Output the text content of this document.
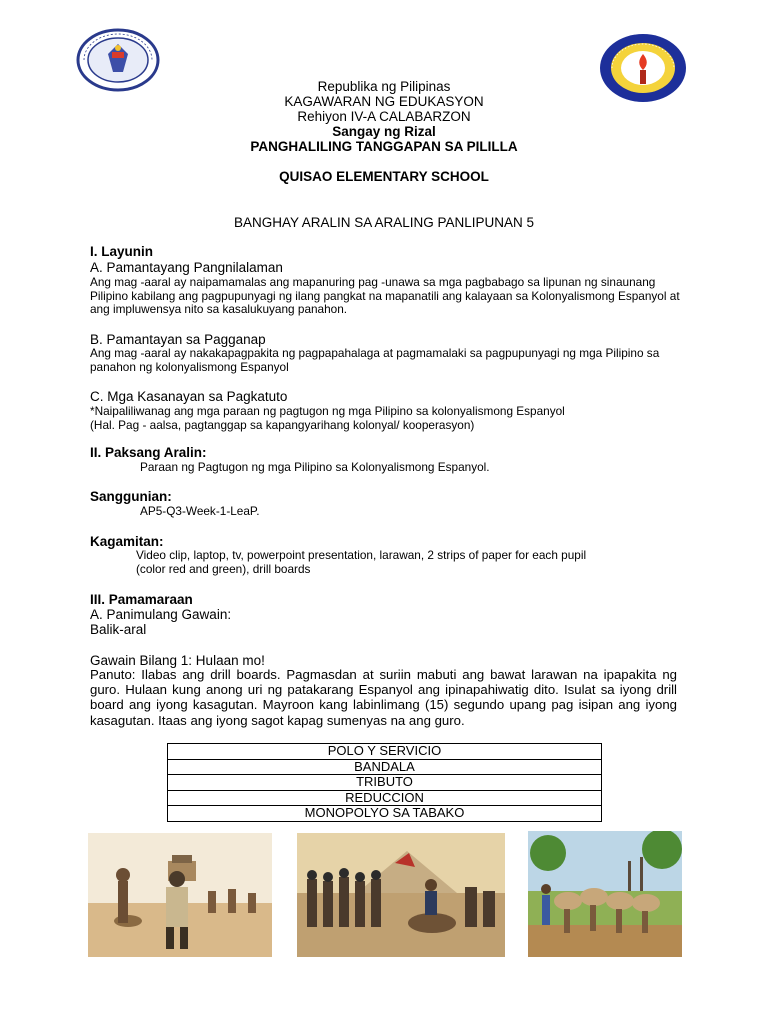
Republika ng Pilipinas
KAGAWARAN NG EDUKASYON
Rehiyon IV-A CALABARZON
Sangay ng Rizal
PANGHALILING TANGGAPAN SA PILILLA
QUISAO ELEMENTARY SCHOOL
BANGHAY ARALIN SA ARALING PANLIPUNAN 5
I. Layunin
A. Pamantayang Pangnilalaman
Ang mag -aaral ay naipamamalas ang mapanuring pag -unawa sa mga pagbabago sa lipunan ng sinaunang Pilipino kabilang ang pagpupunyagi ng ilang pangkat na mapanatili ang kalayaan sa Kolonyalismong Espanyol at ang impluwensya nito sa kasalukuyang panahon.
B. Pamantayan sa Pagganap
Ang mag -aaral ay nakakapagpakita ng pagpapahalaga at pagmamalaki sa pagpupunyagi ng mga Pilipino sa panahon ng kolonyalismong Espanyol
C. Mga Kasanayan sa Pagkatuto
*Naipaliliwanag ang mga paraan ng pagtugon ng mga Pilipino sa kolonyalismong Espanyol
(Hal. Pag - aalsa, pagtanggap sa kapangyarihang kolonyal/ kooperasyon)
II. Paksang Aralin:
Paraan ng Pagtugon ng mga Pilipino sa Kolonyalismong Espanyol.
Sanggunian:
AP5-Q3-Week-1-LeaP.
Kagamitan:
Video clip, laptop, tv, powerpoint presentation, larawan, 2 strips of paper for each pupil
(color red and green), drill boards
III. Pamamaraan
A. Panimulang Gawain:
Balik-aral
Gawain Bilang 1: Hulaan mo!
Panuto: Ilabas ang drill boards. Pagmasdan at suriin mabuti ang bawat larawan na ipapakita ng guro. Hulaan kung anong uri ng patakarang Espanyol ang ipinapahiwatig dito. Isulat sa iyong drill board ang iyong kasagutan. Mayroon kang labinlimang (15) segundo upang pag isipan ang iyong kasagutan. Itaas ang iyong sagot kapag sumenyas na ang guro.
POLO Y SERVICIO
BANDALA
TRIBUTO
REDUCCION
MONOPOLYO SA TABAKO
